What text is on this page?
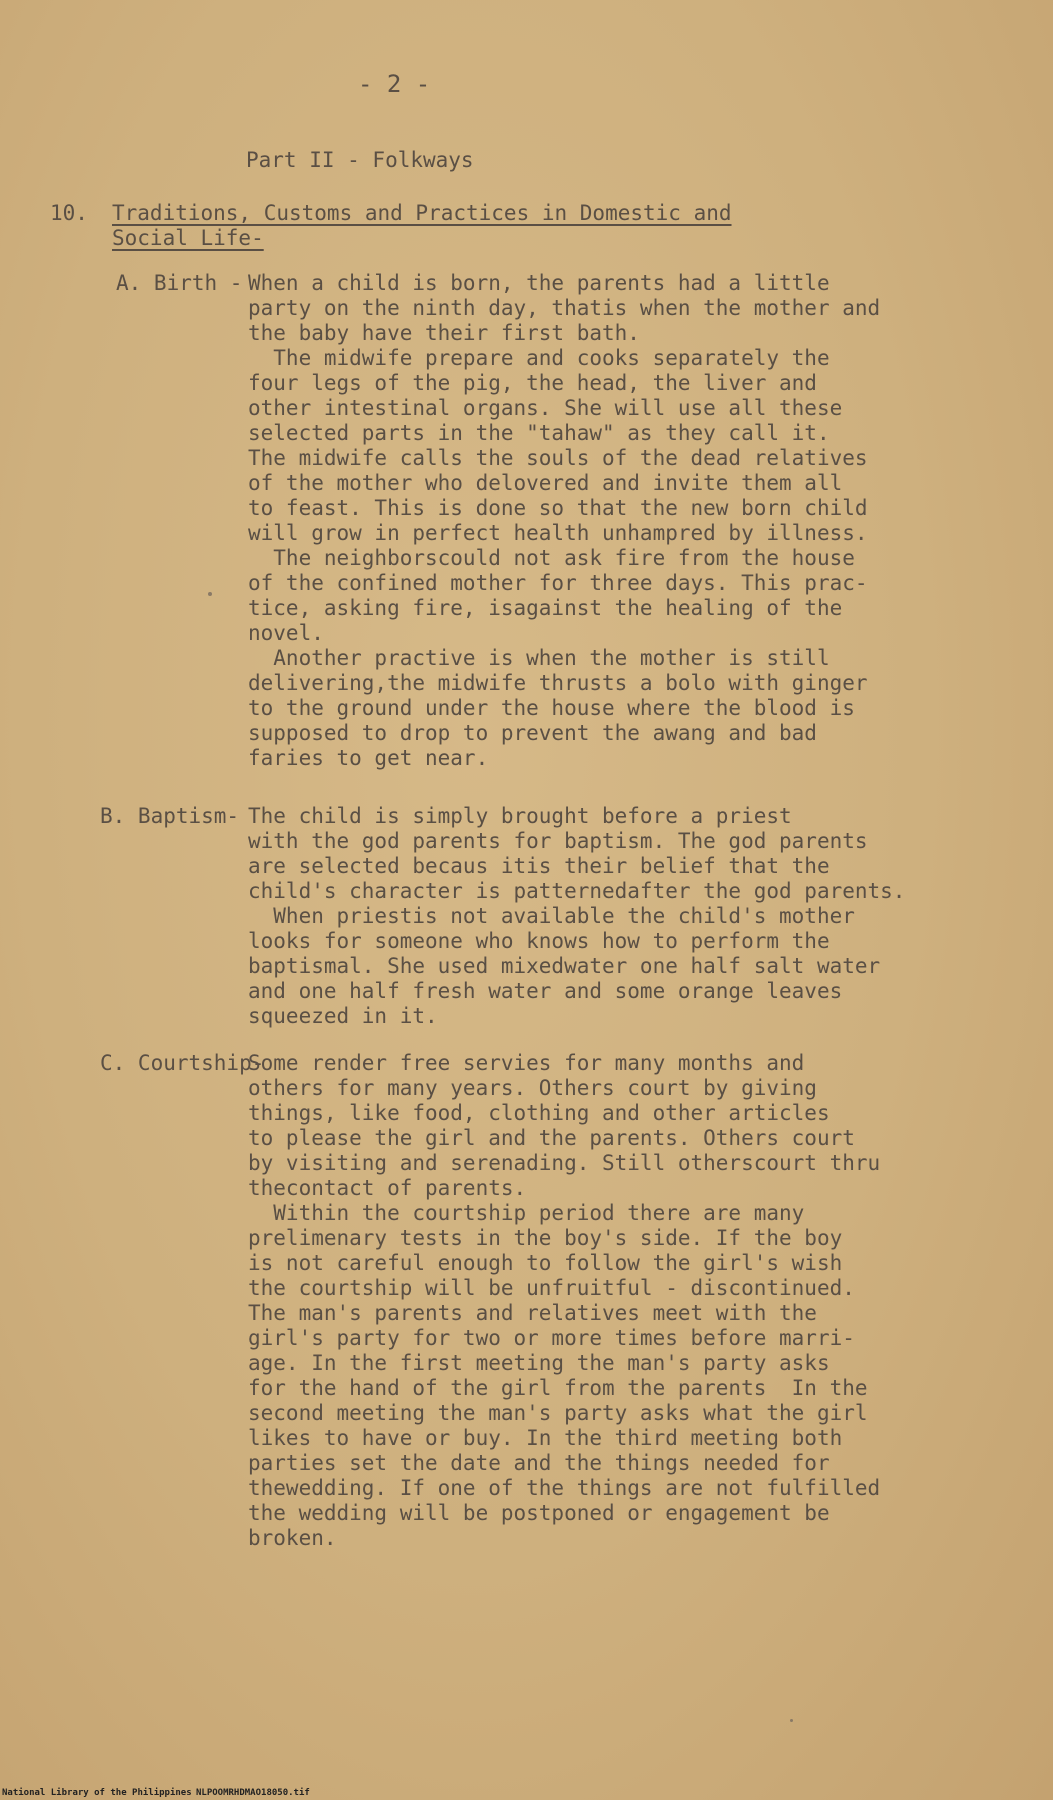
- 2 -
Part II - Folkways
10. Traditions, Customs and Practices in Domestic and
Social Life-
A. Birth - When a child is born, the parents had a little
party on the ninth day, thatis when the mother and
the baby have their first bath.
The midwife prepare and cooks separately the
four legs of the pig, the head, the liver and
other intestinal organs. She will use all these
selected parts in the "tahaw" as they call it.
The midwife calls the souls of the dead relatives
of the mother who delovered and invite them all
to feast. This is done so that the new born child
will grow in perfect health unhampred by illness.
The neighborscould not ask fire from the house
of the confined mother for three days. This prac-
tice, asking fire, isagainst the healing of the
novel.
Another practive is when the mother is still
delivering,the midwife thrusts a bolo with ginger
to the ground under the house where the blood is
supposed to drop to prevent the awang and bad
faries to get near.
B. Baptism- The child is simply brought before a priest
with the god parents for baptism. The god parents
are selected becaus itis their belief that the
child's character is patternedafter the god parents.
When priestis not available the child's mother
looks for someone who knows how to perform the
baptismal. She used mixedwater one half salt water
and one half fresh water and some orange leaves
squeezed in it.
C. Courtship-
Some render free servies for many months and
others for many years. Others court by giving
things, like food, clothing and other articles
to please the girl and the parents. Others court
by visiting and serenading. Still otherscourt thru
thecontact of parents.
Within the courtship period there are many
prelimenary tests in the boy's side. If the boy
is not careful enough to follow the girl's wish
the courtship will be unfruitful - discontinued.
The man's parents and relatives meet with the
girl's party for two or more times before marri-
age. In the first meeting the man's party asks
for the hand of the girl from the parents  In the
second meeting the man's party asks what the girl
likes to have or buy. In the third meeting both
parties set the date and the things needed for
thewedding. If one of the things are not fulfilled
the wedding will be postponed or engagement be
broken.
National Library of the Philippines NLPOOMRHDMAO18050.tif
